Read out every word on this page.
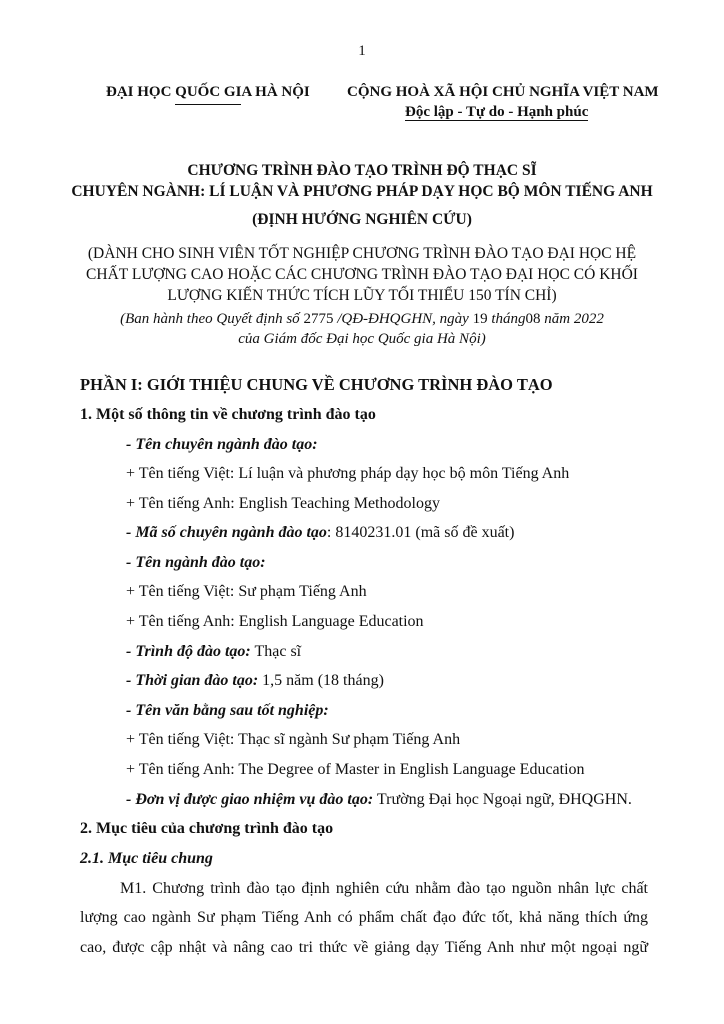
1
ĐẠI HỌC QUỐC GIA HÀ NỘI CỘNG HOÀ XÃ HỘI CHỦ NGHĨA VIỆT NAM
Độc lập - Tự do - Hạnh phúc
CHƯƠNG TRÌNH ĐÀO TẠO TRÌNH ĐỘ THẠC SĨ
CHUYÊN NGÀNH: LÍ LUẬN VÀ PHƯƠNG PHÁP DẠY HỌC BỘ MÔN TIẾNG ANH
(ĐỊNH HƯỚNG NGHIÊN CỨU)
(DÀNH CHO SINH VIÊN TỐT NGHIỆP CHƯƠNG TRÌNH ĐÀO TẠO ĐẠI HỌC HỆ
CHẤT LƯỢNG CAO HOẶC CÁC CHƯƠNG TRÌNH ĐÀO TẠO ĐẠI HỌC CÓ KHỐI
LƯỢNG KIẾN THỨC TÍCH LŨY TỐI THIỂU 150 TÍN CHỈ)
(Ban hành theo Quyết định số 2775 /QĐ-ĐHQGHN, ngày 19 tháng08 năm 2022
của Giám đốc Đại học Quốc gia Hà Nội)
PHẦN I: GIỚI THIỆU CHUNG VỀ CHƯƠNG TRÌNH ĐÀO TẠO
1. Một số thông tin về chương trình đào tạo
- Tên chuyên ngành đào tạo:
+ Tên tiếng Việt: Lí luận và phương pháp dạy học bộ môn Tiếng Anh
+ Tên tiếng Anh: English Teaching Methodology
- Mã số chuyên ngành đào tạo: 8140231.01 (mã số đề xuất)
- Tên ngành đào tạo:
+ Tên tiếng Việt: Sư phạm Tiếng Anh
+ Tên tiếng Anh: English Language Education
- Trình độ đào tạo: Thạc sĩ
- Thời gian đào tạo: 1,5 năm (18 tháng)
- Tên văn bằng sau tốt nghiệp:
+ Tên tiếng Việt: Thạc sĩ ngành Sư phạm Tiếng Anh
+ Tên tiếng Anh: The Degree of Master in English Language Education
- Đơn vị được giao nhiệm vụ đào tạo: Trường Đại học Ngoại ngữ, ĐHQGHN.
2. Mục tiêu của chương trình đào tạo
2.1. Mục tiêu chung
M1. Chương trình đào tạo định nghiên cứu nhằm đào tạo nguồn nhân lực chất
lượng cao ngành Sư phạm Tiếng Anh có phẩm chất đạo đức tốt, khả năng thích ứng
cao, được cập nhật và nâng cao tri thức về giảng dạy Tiếng Anh như một ngoại ngữ
